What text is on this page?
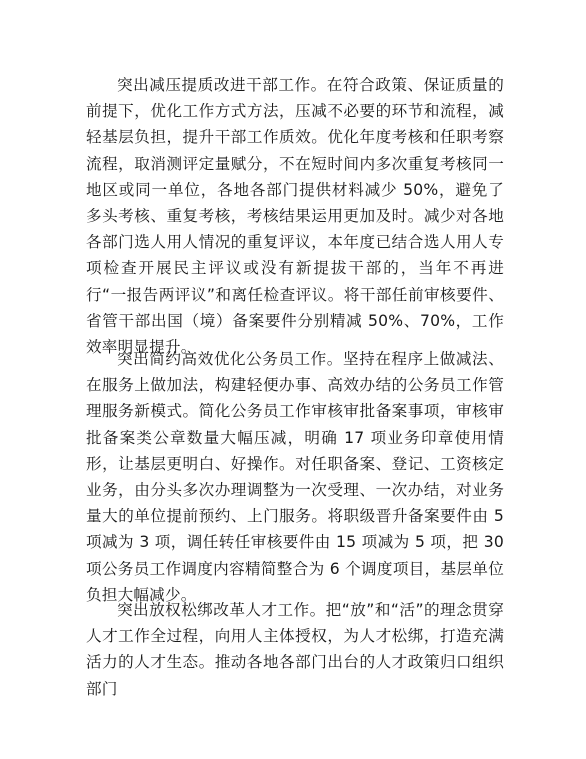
突出减压提质改进干部工作。在符合政策、保证质量的前提下，优化工作方式方法，压减不必要的环节和流程，减轻基层负担，提升干部工作质效。优化年度考核和任职考察流程，取消测评定量赋分，不在短时间内多次重复考核同一地区或同一单位，各地各部门提供材料减少 50%，避免了多头考核、重复考核，考核结果运用更加及时。减少对各地各部门选人用人情况的重复评议，本年度已结合选人用人专项检查开展民主评议或没有新提拔干部的，当年不再进行“一报告两评议”和离任检查评议。将干部任前审核要件、省管干部出国（境）备案要件分别精减 50%、70%，工作效率明显提升。

突出简约高效优化公务员工作。坚持在程序上做减法、在服务上做加法，构建轻便办事、高效办结的公务员工作管理服务新模式。简化公务员工作审核审批备案事项，审核审批备案类公章数量大幅压减，明确 17 项业务印章使用情形，让基层更明白、好操作。对任职备案、登记、工资核定业务，由分头多次办理调整为一次受理、一次办结，对业务量大的单位提前预约、上门服务。将职级晋升备案要件由 5 项减为 3 项，调任转任审核要件由 15 项减为 5 项，把 30 项公务员工作调度内容精简整合为 6 个调度项目，基层单位负担大幅减少。

突出放权松绑改革人才工作。把“放”和“活”的理念贯穿人才工作全过程，向用人主体授权，为人才松绑，打造充满活力的人才生态。推动各地各部门出台的人才政策归口组织部门
